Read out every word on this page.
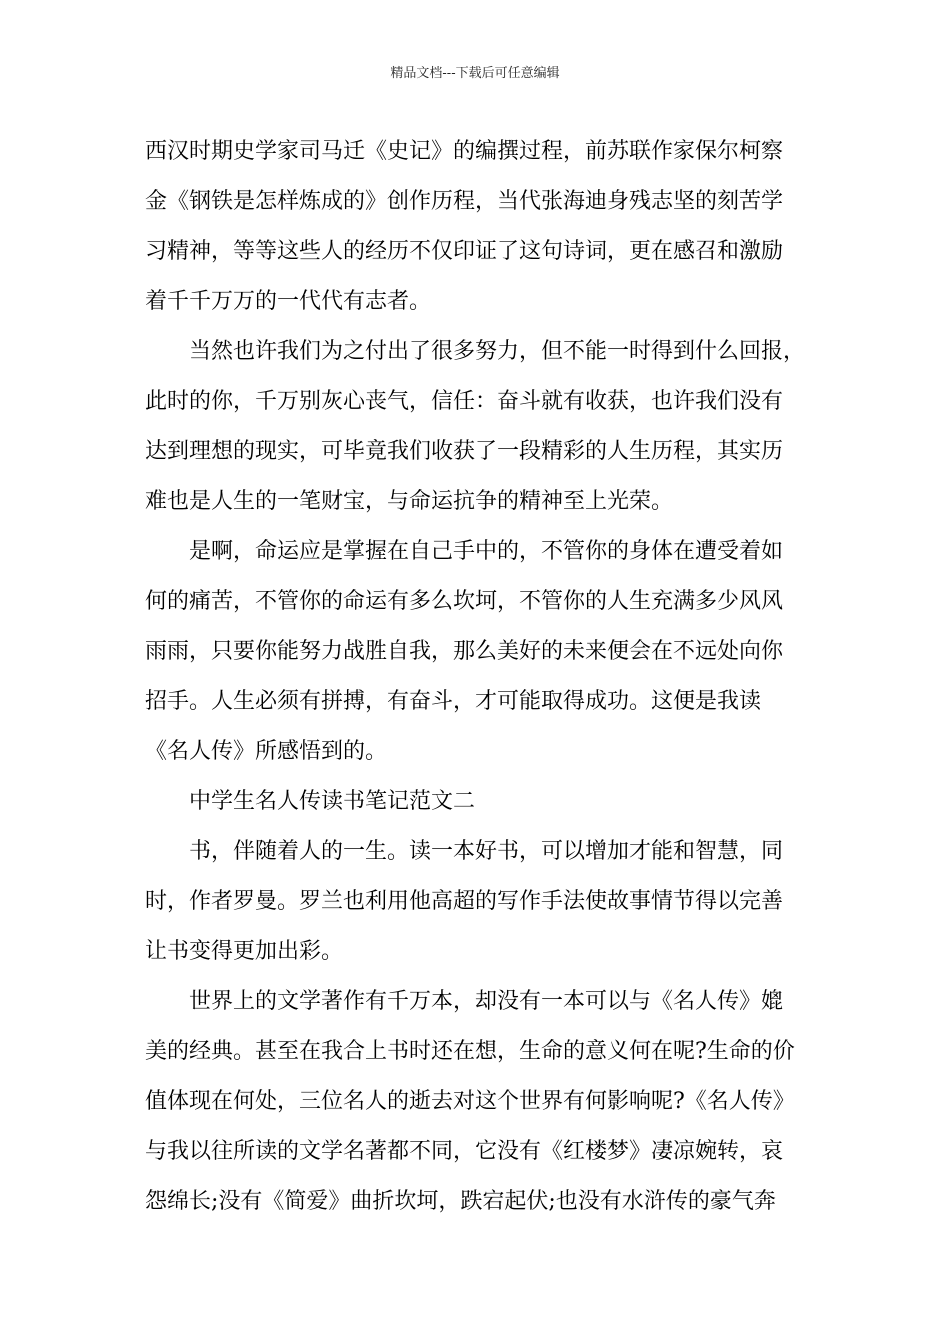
精品文档---下载后可任意编辑
西汉时期史学家司马迁《史记》的编撰过程，前苏联作家保尔柯察
金《钢铁是怎样炼成的》创作历程，当代张海迪身残志坚的刻苦学
习精神，等等这些人的经历不仅印证了这句诗词，更在感召和激励
着千千万万的一代代有志者。
当然也许我们为之付出了很多努力，但不能一时得到什么回报，
此时的你，千万别灰心丧气，信任：奋斗就有收获，也许我们没有
达到理想的现实，可毕竟我们收获了一段精彩的人生历程，其实历
难也是人生的一笔财宝，与命运抗争的精神至上光荣。
是啊，命运应是掌握在自己手中的，不管你的身体在遭受着如
何的痛苦，不管你的命运有多么坎坷，不管你的人生充满多少风风
雨雨，只要你能努力战胜自我，那么美好的未来便会在不远处向你
招手。人生必须有拼搏，有奋斗，才可能取得成功。这便是我读
《名人传》所感悟到的。
中学生名人传读书笔记范文二
书，伴随着人的一生。读一本好书，可以增加才能和智慧，同
时，作者罗曼。罗兰也利用他高超的写作手法使故事情节得以完善
让书变得更加出彩。
世界上的文学著作有千万本，却没有一本可以与《名人传》媲
美的经典。甚至在我合上书时还在想，生命的意义何在呢?生命的价
值体现在何处，三位名人的逝去对这个世界有何影响呢?《名人传》
与我以往所读的文学名著都不同，它没有《红楼梦》凄凉婉转，哀
怨绵长;没有《简爱》曲折坎坷，跌宕起伏;也没有水浒传的豪气奔
